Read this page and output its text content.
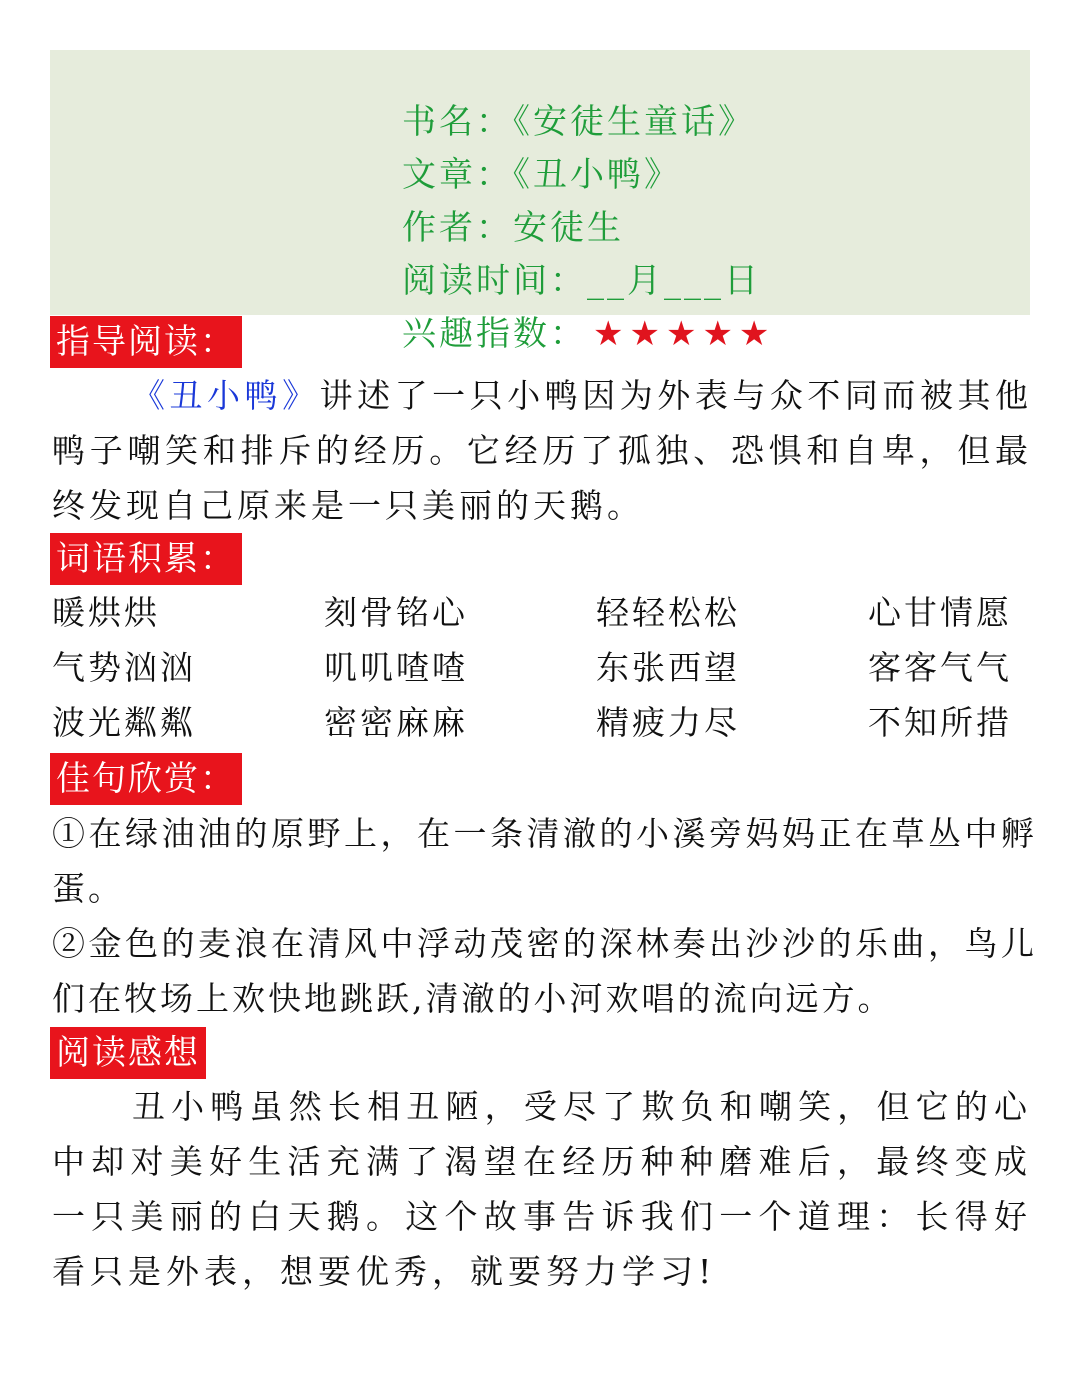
书名：《安徒生童话》
文章：《丑小鸭》
作者：安徒生
阅读时间：__月___日
兴趣指数： ★★★★★
指导阅读：
《丑小鸭》讲述了一只小鸭因为外表与众不同而被其他鸭子嘲笑和排斥的经历。它经历了孤独、恐惧和自卑，但最终发现自己原来是一只美丽的天鹅。
词语积累：
暖烘烘	刻骨铭心	轻轻松松	心甘情愿
气势汹汹	叽叽喳喳	东张西望	客客气气
波光粼粼	密密麻麻	精疲力尽	不知所措
佳句欣赏：
①在绿油油的原野上，在一条清澈的小溪旁妈妈正在草丛中孵蛋。
②金色的麦浪在清风中浮动茂密的深林奏出沙沙的乐曲，鸟儿们在牧场上欢快地跳跃,清澈的小河欢唱的流向远方。
阅读感想
丑小鸭虽然长相丑陋，受尽了欺负和嘲笑，但它的心中却对美好生活充满了渴望在经历种种磨难后，最终变成一只美丽的白天鹅。这个故事告诉我们一个道理：长得好看只是外表，想要优秀，就要努力学习!
